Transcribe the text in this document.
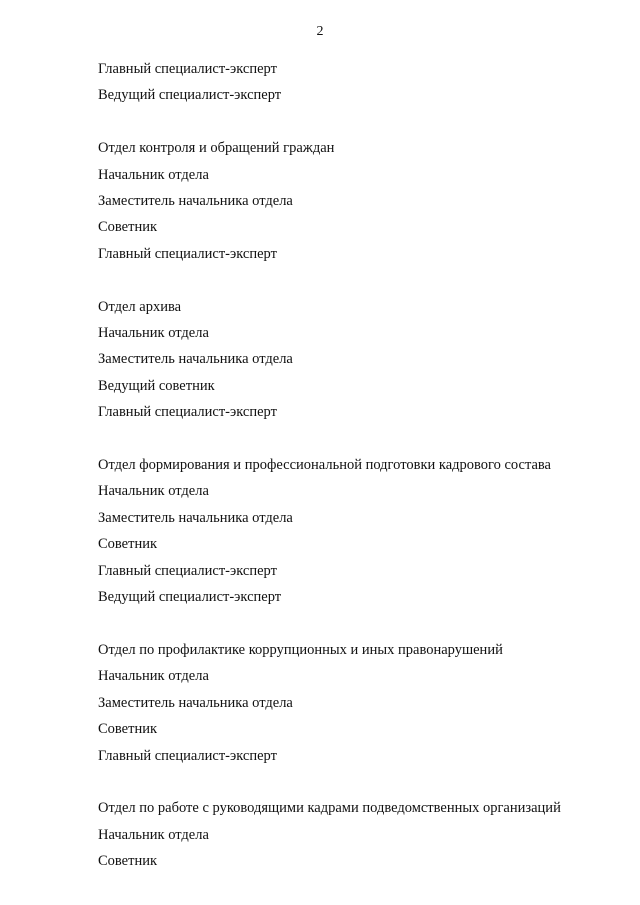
2
Главный специалист-эксперт
Ведущий специалист-эксперт
Отдел контроля и обращений граждан
Начальник отдела
Заместитель начальника отдела
Советник
Главный специалист-эксперт
Отдел архива
Начальник отдела
Заместитель начальника отдела
Ведущий советник
Главный специалист-эксперт
Отдел формирования и профессиональной подготовки кадрового состава
Начальник отдела
Заместитель начальника отдела
Советник
Главный специалист-эксперт
Ведущий специалист-эксперт
Отдел по профилактике коррупционных и иных правонарушений
Начальник отдела
Заместитель начальника отдела
Советник
Главный специалист-эксперт
Отдел по работе с руководящими кадрами подведомственных организаций
Начальник отдела
Советник
